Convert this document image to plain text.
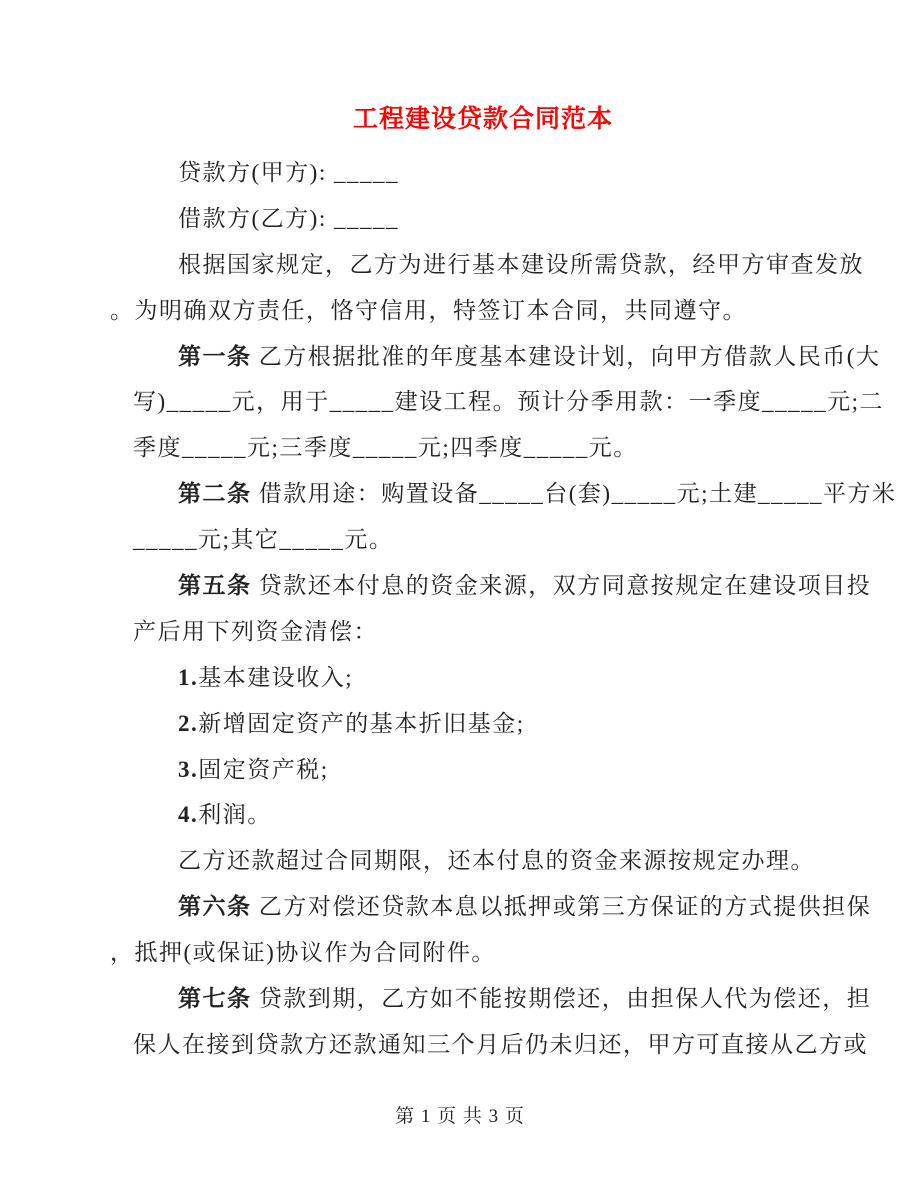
工程建设贷款合同范本
贷款方(甲方): _____
借款方(乙方): _____
根据国家规定，乙方为进行基本建设所需贷款，经甲方审查发放
。为明确双方责任，恪守信用，特签订本合同，共同遵守。
第一条 乙方根据批准的年度基本建设计划，向甲方借款人民币(大
写)_____元，用于_____建设工程。预计分季用款：一季度_____元;二
季度_____元;三季度_____元;四季度_____元。
第二条 借款用途：购置设备_____台(套)_____元;土建_____平方米
_____元;其它_____元。
第五条 贷款还本付息的资金来源，双方同意按规定在建设项目投
产后用下列资金清偿：
1.基本建设收入;
2.新增固定资产的基本折旧基金;
3.固定资产税;
4.利润。
乙方还款超过合同期限，还本付息的资金来源按规定办理。
第六条 乙方对偿还贷款本息以抵押或第三方保证的方式提供担保
，抵押(或保证)协议作为合同附件。
第七条 贷款到期，乙方如不能按期偿还，由担保人代为偿还，担
保人在接到贷款方还款通知三个月后仍未归还，甲方可直接从乙方或
第 1 页 共 3 页
